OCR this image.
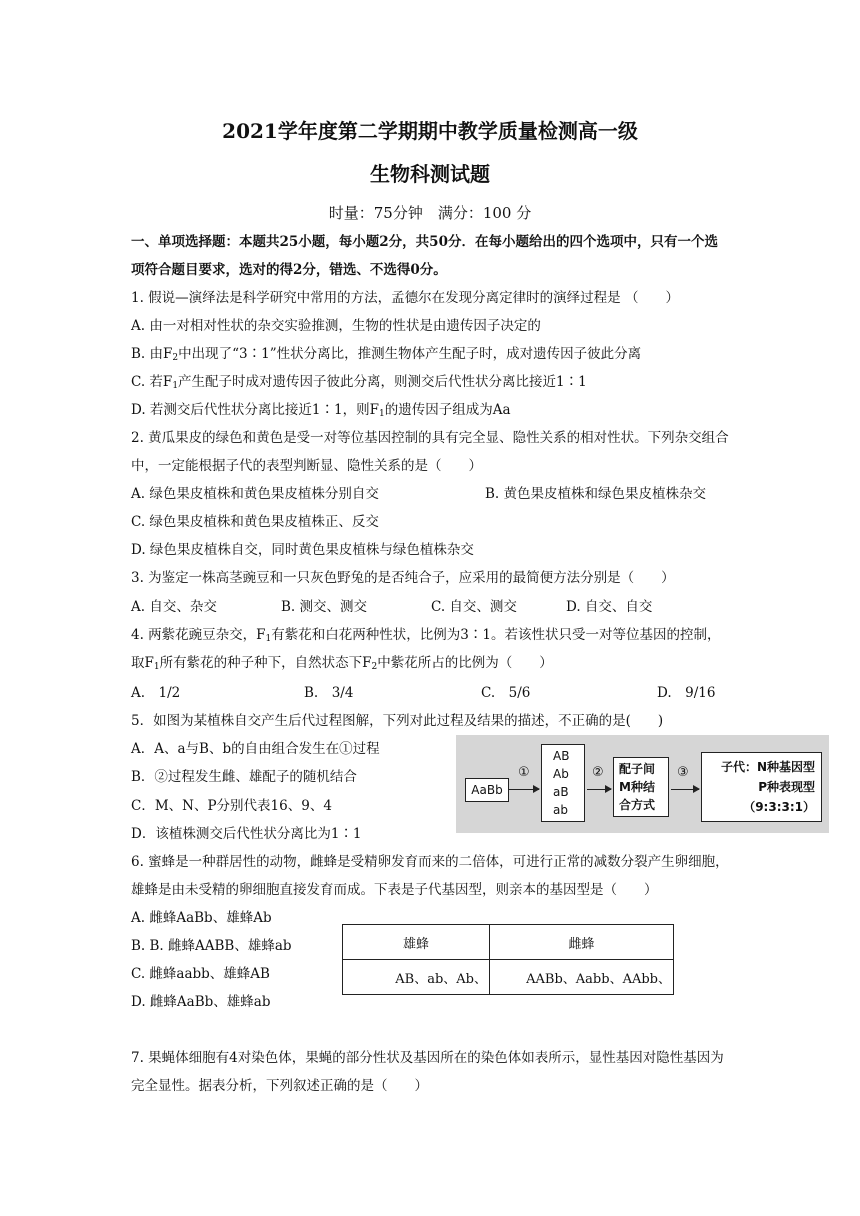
2021学年度第二学期期中教学质量检测高一级
生物科测试题
时量：75分钟　满分：100 分
一、单项选择题：本题共25小题，每小题2分，共50分．在每小题给出的四个选项中，只有一个选
项符合题目要求，选对的得2分，错选、不选得0分。
1. 假说—演绎法是科学研究中常用的方法，孟德尔在发现分离定律时的演绎过程是 （　　）
A. 由一对相对性状的杂交实验推测，生物的性状是由遗传因子决定的
B. 由$F_2$中出现了“3∶1”性状分离比，推测生物体产生配子时，成对遗传因子彼此分离
C. 若$F_1$产生配子时成对遗传因子彼此分离，则测交后代性状分离比接近1∶1
D. 若测交后代性状分离比接近1∶1，则$F_1$的遗传因子组成为Aa
2. 黄瓜果皮的绿色和黄色是受一对等位基因控制的具有完全显、隐性关系的相对性状。下列杂交组合
中，一定能根据子代的表型判断显、隐性关系的是（　　）
A. 绿色果皮植株和黄色果皮植株分别自交	B. 黄色果皮植株和绿色果皮植株杂交
C. 绿色果皮植株和黄色果皮植株正、反交
D. 绿色果皮植株自交，同时黄色果皮植株与绿色植株杂交
3. 为鉴定一株高茎豌豆和一只灰色野兔的是否纯合子，应采用的最简便方法分别是（　　）
A. 自交、杂交	B. 测交、测交	C. 自交、测交	D. 自交、自交
4. 两紫花豌豆杂交，$F_1$有紫花和白花两种性状，比例为3∶1。若该性状只受一对等位基因的控制，
取$F_1$所有紫花的种子种下，自然状态下$F_2$中紫花所占的比例为（　　）
A.　1/2	B.　3/4	C.　5/6	D.　9/16
5．如图为某植株自交产生后代过程图解，下列对此过程及结果的描述，不正确的是(　　)
A．A、a与B、b的自由组合发生在①过程
B．②过程发生雌、雄配子的随机结合
C．M、N、P分别代表16、9、4
D．该植株测交后代性状分离比为1∶1
AaBb
①
AB
Ab
aB
ab
② 配子间
M种结
合方式
③	子代：N种基因型
P种表现型
（9:3:3:1）
6. 蜜蜂是一种群居性的动物，雌蜂是受精卵发育而来的二倍体，可进行正常的减数分裂产生卵细胞，
雄蜂是由未受精的卵细胞直接发育而成。下表是子代基因型，则亲本的基因型是（　　）
A. 雌蜂AaBb、雄蜂Ab
B. B. 雌蜂AABB、雄蜂ab
C. 雌蜂aabb、雄蜂AB
D. 雌蜂AaBb、雄蜂ab
雄蜂	雌蜂
AB、ab、Ab、	AABb、Aabb、AAbb、
7. 果蝇体细胞有4对染色体，果蝇的部分性状及基因所在的染色体如表所示，显性基因对隐性基因为
完全显性。据表分析，下列叙述正确的是（　　）
